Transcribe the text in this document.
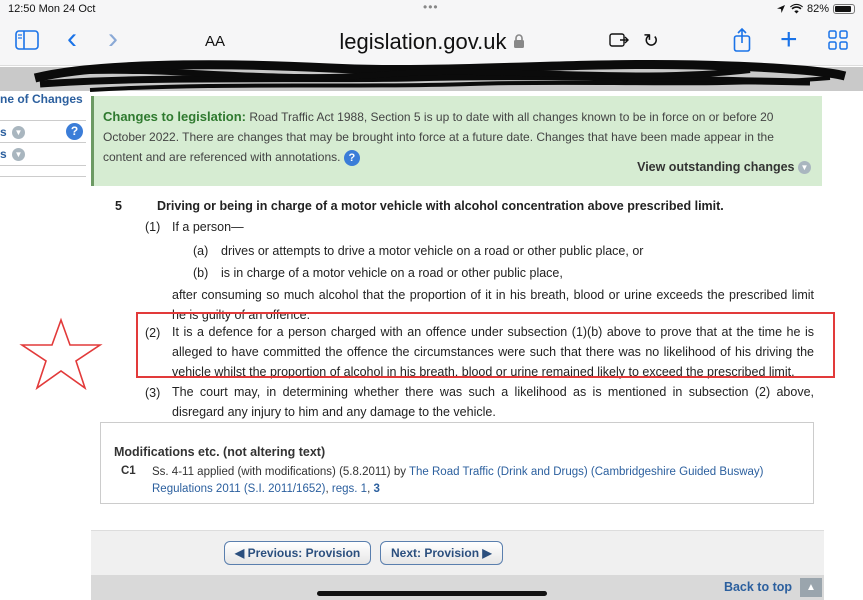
12:50 Mon 24 Oct	•••	82%
‹ ›	AA	legislation.gov.uk	↻	+
ne of Changes
s ▼	?
s ▼
Changes to legislation: Road Traffic Act 1988, Section 5 is up to date with all changes known to be in force on or before 20 October 2022. There are changes that may be brought into force at a future date. Changes that have been made appear in the content and are referenced with annotations. ?
View outstanding changes ▼
5	Driving or being in charge of a motor vehicle with alcohol concentration above prescribed limit.
(1) If a person—
(a) drives or attempts to drive a motor vehicle on a road or other public place, or
(b) is in charge of a motor vehicle on a road or other public place,
after consuming so much alcohol that the proportion of it in his breath, blood or urine exceeds the prescribed limit he is guilty of an offence.
(2) It is a defence for a person charged with an offence under subsection (1)(b) above to prove that at the time he is alleged to have committed the offence the circumstances were such that there was no likelihood of his driving the vehicle whilst the proportion of alcohol in his breath, blood or urine remained likely to exceed the prescribed limit.
(3) The court may, in determining whether there was such a likelihood as is mentioned in subsection (2) above, disregard any injury to him and any damage to the vehicle.
Modifications etc. (not altering text)
C1 Ss. 4-11 applied (with modifications) (5.8.2011) by The Road Traffic (Drink and Drugs) (Cambridgeshire Guided Busway) Regulations 2011 (S.I. 2011/1652), regs. 1, 3
◀ Previous: Provision	Next: Provision ▶
Back to top	▲
